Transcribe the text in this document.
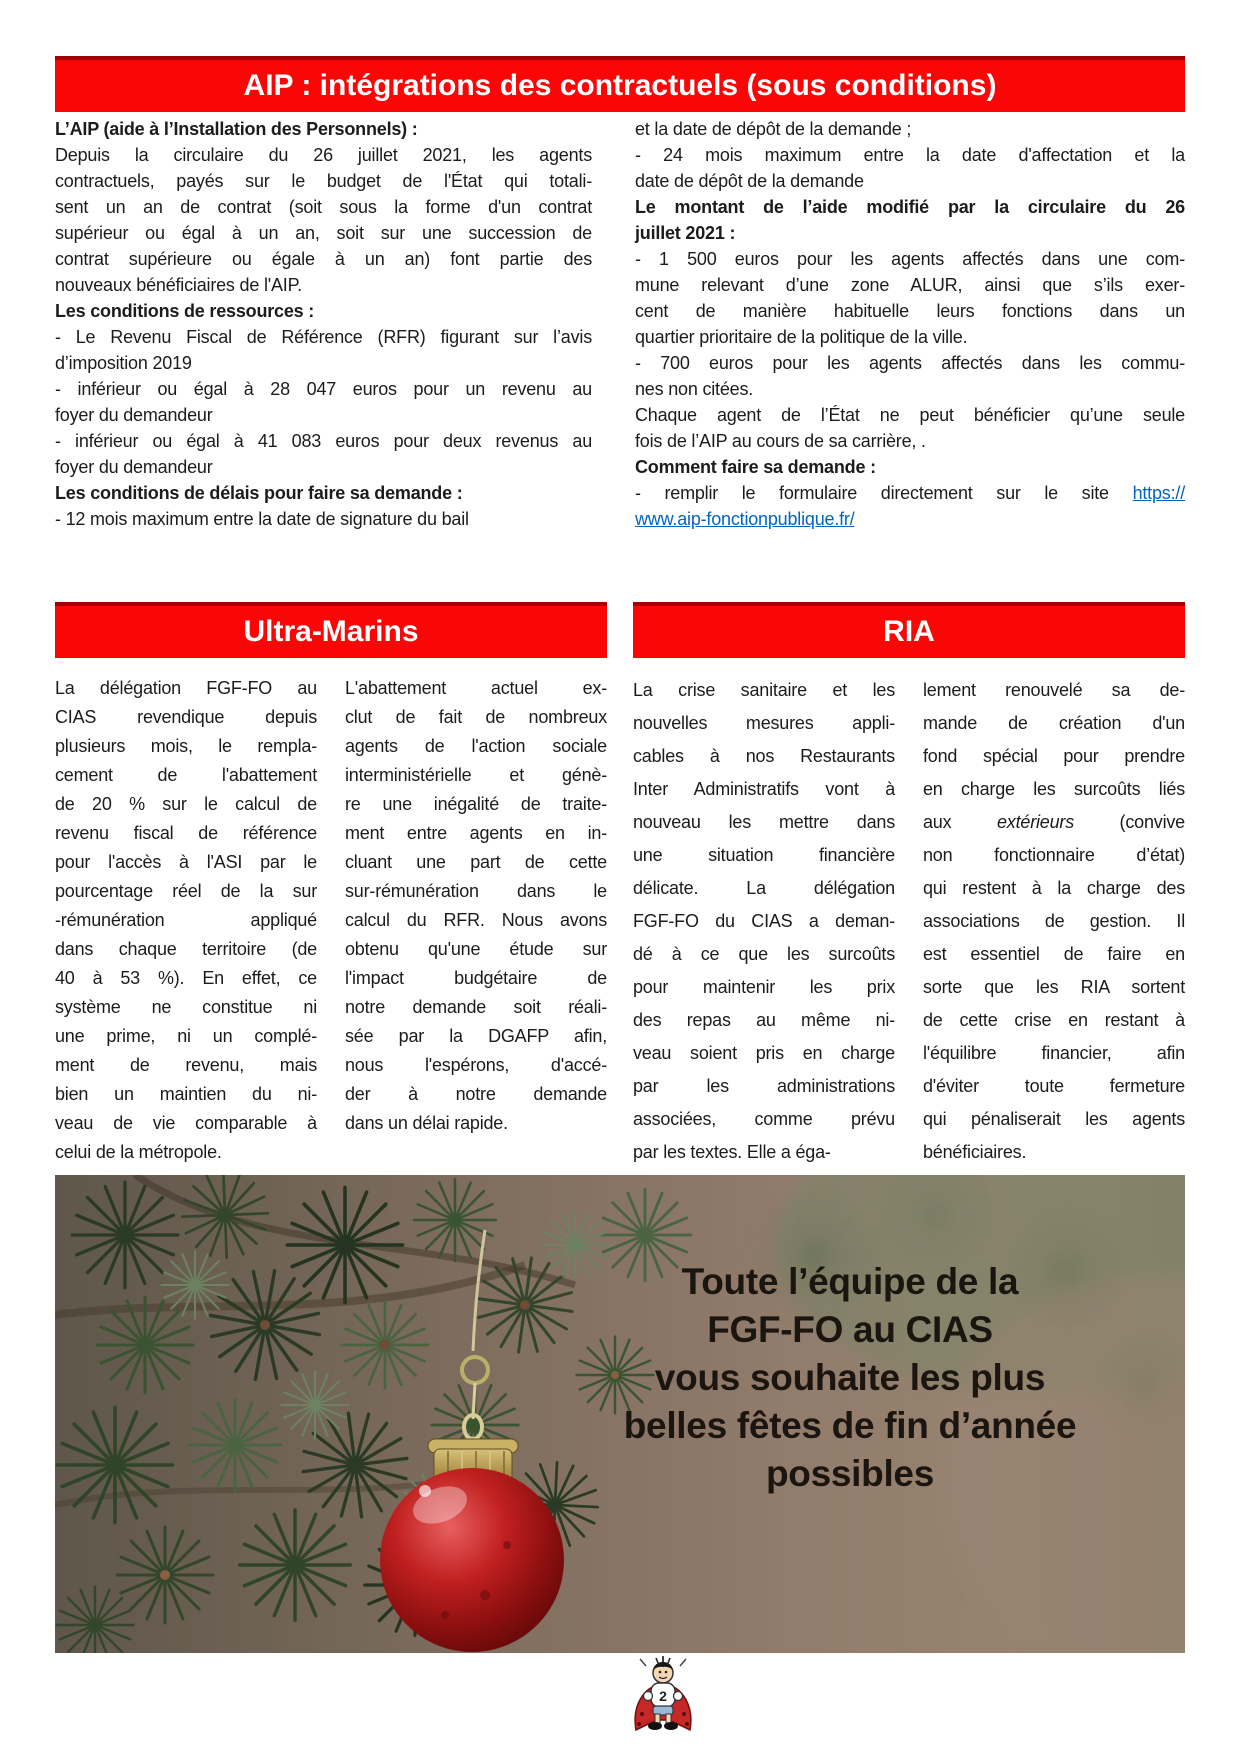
AIP : intégrations des contractuels (sous conditions)
L’AIP (aide à l’Installation des Personnels) :
Depuis la circulaire du 26 juillet 2021, les agents
contractuels, payés sur le budget de l'État qui totali-
sent un an de contrat (soit sous la forme d'un contrat
supérieur ou égal à un an, soit sur une succession de
contrat supérieure ou égale à un an) font partie des
nouveaux bénéficiaires de l'AIP.
Les conditions de ressources :
- Le Revenu Fiscal de Référence (RFR) figurant sur l’avis
d’imposition 2019
- inférieur ou égal à 28 047 euros pour un revenu au
foyer du demandeur
- inférieur ou égal à 41 083 euros pour deux revenus au
foyer du demandeur
Les conditions de délais pour faire sa demande :
- 12 mois maximum entre la date de signature du bail
et la date de dépôt de la demande ;
- 24 mois maximum entre la date d'affectation et la
date de dépôt de la demande
Le montant de l’aide modifié par la circulaire du 26
juillet 2021 :
- 1 500 euros pour les agents affectés dans une com-
mune relevant d’une zone ALUR, ainsi que s’ils exer-
cent de manière habituelle leurs fonctions dans un
quartier prioritaire de la politique de la ville.
- 700 euros pour les agents affectés dans les commu-
nes non citées.
Chaque agent de l’État ne peut bénéficier qu’une seule
fois de l’AIP au cours de sa carrière, .
Comment faire sa demande :
- remplir le formulaire directement sur le site https://
www.aip-fonctionpublique.fr/
Ultra-Marins	RIA
La délégation FGF-FO au
CIAS revendique depuis
plusieurs mois, le rempla-
cement de l'abattement
de 20 % sur le calcul de
revenu fiscal de référence
pour l'accès à l'ASI par le
pourcentage réel de la sur
-rémunération appliqué
dans chaque territoire (de
40 à 53 %). En effet, ce
système ne constitue ni
une prime, ni un complé-
ment de revenu, mais
bien un maintien du ni-
veau de vie comparable à
celui de la métropole.
L'abattement actuel ex-
clut de fait de nombreux
agents de l'action sociale
interministérielle et génè-
re une inégalité de traite-
ment entre agents en in-
cluant une part de cette
sur-rémunération dans le
calcul du RFR. Nous avons
obtenu qu'une étude sur
l'impact budgétaire de
notre demande soit réali-
sée par la DGAFP afin,
nous l'espérons, d'accé-
der à notre demande
dans un délai rapide.
La crise sanitaire et les
nouvelles mesures appli-
cables à nos Restaurants
Inter Administratifs vont à
nouveau les mettre dans
une situation financière
délicate. La délégation
FGF-FO du CIAS a deman-
dé à ce que les surcoûts
pour maintenir les prix
des repas au même ni-
veau soient pris en charge
par les administrations
associées, comme prévu
par les textes. Elle a éga-
lement renouvelé sa de-
mande de création d'un
fond spécial pour prendre
en charge les surcoûts liés
aux extérieurs (convive
non fonctionnaire d’état)
qui restent à la charge des
associations de gestion. Il
est essentiel de faire en
sorte que les RIA sortent
de cette crise en restant à
l'équilibre financier, afin
d'éviter toute fermeture
qui pénaliserait les agents
bénéficiaires.
Toute l’équipe de la
FGF-FO au CIAS
vous souhaite les plus
belles fêtes de fin d’année
possibles
2
